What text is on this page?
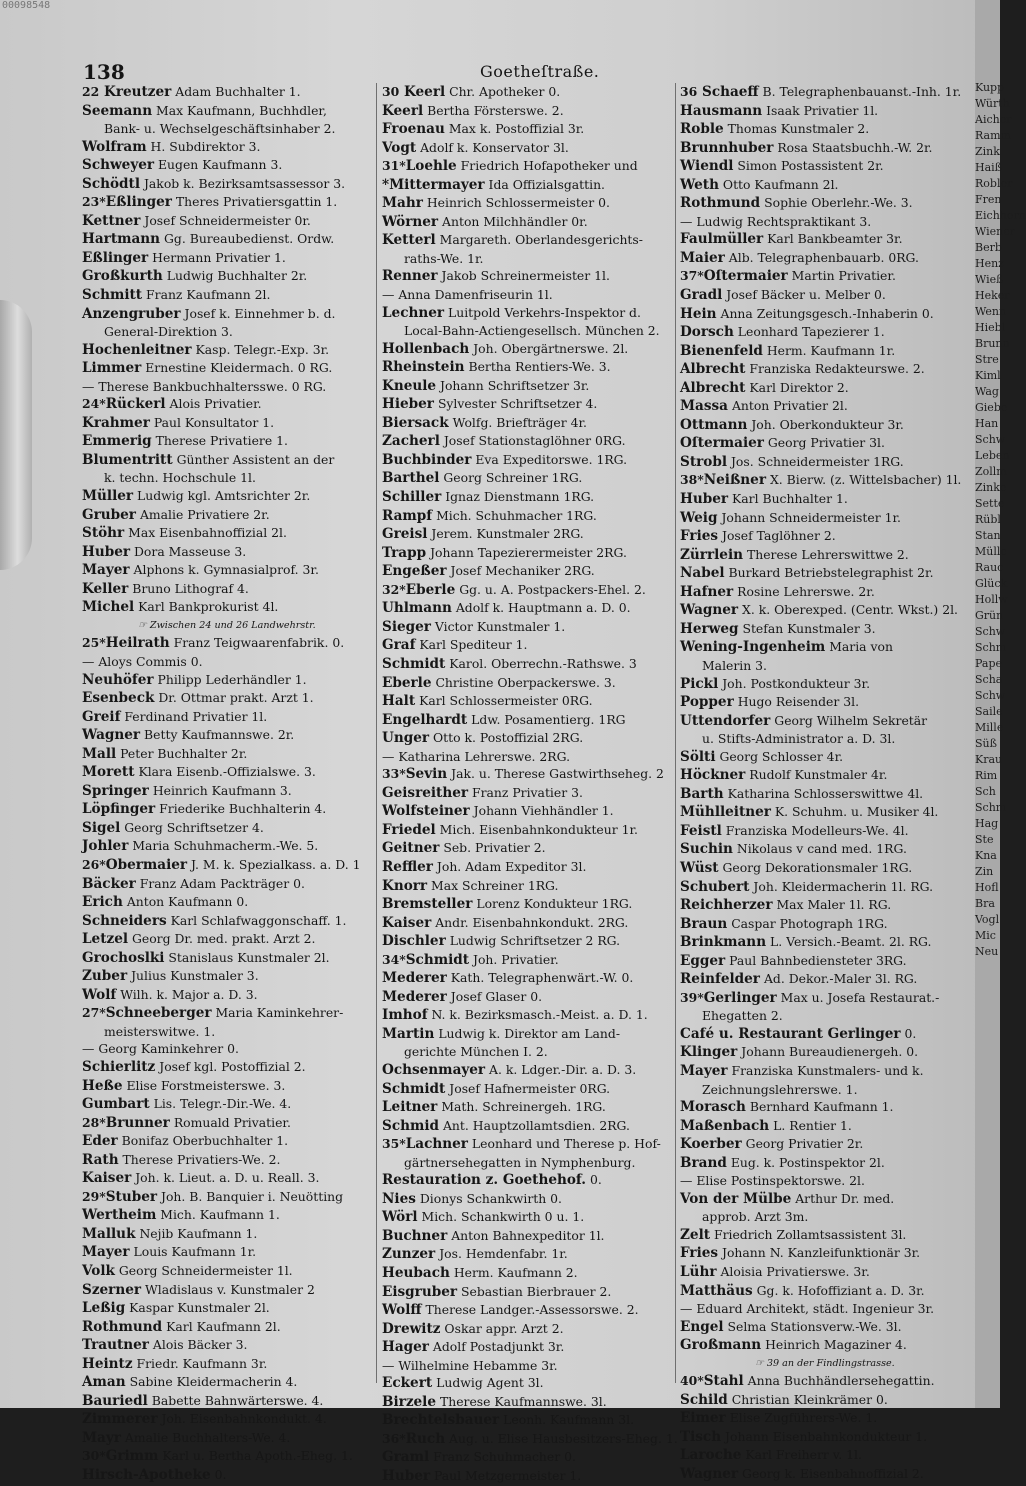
00098548
138	Goetheſtraße.
22Kreutzer Adam Buchhalter 1.
Seemann Max Kaufmann, Buchhdler,
Bank- u. Wechselgeschäftsinhaber 2.
Wolfram H. Subdirektor 3.
Schweyer Eugen Kaufmann 3.
Schödtl Jakob k. Bezirksamtsassessor 3.
23*Eßlinger Theres Privatiersgattin 1.
Kettner Josef Schneidermeister 0r.
Hartmann Gg. Bureaubedienst. Ordw.
Eßlinger Hermann Privatier 1.
Großkurth Ludwig Buchhalter 2r.
Schmitt Franz Kaufmann 2l.
Anzengruber Josef k. Einnehmer b. d.
General-Direktion 3.
Hochenleitner Kasp. Telegr.-Exp. 3r.
Limmer Ernestine Kleidermach. 0 RG.
— Therese Bankbuchhaltersswe. 0 RG.
24*Rückerl Alois Privatier.
Krahmer Paul Konsultator 1.
Emmerig Therese Privatiere 1.
Blumentritt Günther Assistent an der
k. techn. Hochschule 1l.
Müller Ludwig kgl. Amtsrichter 2r.
Gruber Amalie Privatiere 2r.
Stöhr Max Eisenbahnoffizial 2l.
Huber Dora Masseuse 3.
Mayer Alphons k. Gymnasialprof. 3r.
Keller Bruno Lithograf 4.
Michel Karl Bankprokurist 4l.
☞ Zwischen 24 und 26 Landwehrstr.
25*Heilrath Franz Teigwaarenfabrik. 0.
— Aloys Commis 0.
Neuhöfer Philipp Lederhändler 1.
Esenbeck Dr. Ottmar prakt. Arzt 1.
Greif Ferdinand Privatier 1l.
Wagner Betty Kaufmannswe. 2r.
Mall Peter Buchhalter 2r.
Morett Klara Eisenb.-Offizialswe. 3.
Springer Heinrich Kaufmann 3.
Löpfinger Friederike Buchhalterin 4.
Sigel Georg Schriftsetzer 4.
Johler Maria Schuhmacherm.-We. 5.
26*Obermaier J. M. k. Spezialkass. a. D. 1
Bäcker Franz Adam Packträger 0.
Erich Anton Kaufmann 0.
Schneiders Karl Schlafwaggonschaff. 1.
Letzel Georg Dr. med. prakt. Arzt 2.
Grochoslki Stanislaus Kunstmaler 2l.
Zuber Julius Kunstmaler 3.
Wolf Wilh. k. Major a. D. 3.
27*Schneeberger Maria Kaminkehrer-
meisterswitwe. 1.
— Georg Kaminkehrer 0.
Schierlitz Josef kgl. Postoffizial 2.
Heße Elise Forstmeisterswe. 3.
Gumbart Lis. Telegr.-Dir.-We. 4.
28*Brunner Romuald Privatier.
Eder Bonifaz Oberbuchhalter 1.
Rath Therese Privatiers-We. 2.
Kaiser Joh. k. Lieut. a. D. u. Reall. 3.
29*Stuber Joh. B. Banquier i. Neuötting
Wertheim Mich. Kaufmann 1.
Malluk Nejib Kaufmann 1.
Mayer Louis Kaufmann 1r.
Volk Georg Schneidermeister 1l.
Szerner Wladislaus v. Kunstmaler 2
Leßig Kaspar Kunstmaler 2l.
Rothmund Karl Kaufmann 2l.
Trautner Alois Bäcker 3.
Heintz Friedr. Kaufmann 3r.
Aman Sabine Kleidermacherin 4.
Bauriedl Babette Bahnwärterswe. 4.
Zimmerer Joh. Eisenbahnkondukt. 4.
Mayr Amalie Buchhalters-We. 4.
30*Grimm Karl u. Bertha Apoth.-Eheg. 1.
Hirsch-Apotheke 0.
30Keerl Chr. Apotheker 0.
Keerl Bertha Försterswe. 2.
Froenau Max k. Postoffizial 3r.
Vogt Adolf k. Konservator 3l.
31*Loehle Friedrich Hofapotheker und
*Mittermayer Ida Offizialsgattin.
Mahr Heinrich Schlossermeister 0.
Wörner Anton Milchhändler 0r.
Ketterl Margareth. Oberlandesgerichts-
raths-We. 1r.
Renner Jakob Schreinermeister 1l.
— Anna Damenfriseurin 1l.
Lechner Luitpold Verkehrs-Inspektor d.
Local-Bahn-Actiengesellsch. München 2.
Hollenbach Joh. Obergärtnerswe. 2l.
Rheinstein Bertha Rentiers-We. 3.
Kneule Johann Schriftsetzer 3r.
Hieber Sylvester Schriftsetzer 4.
Biersack Wolfg. Briefträger 4r.
Zacherl Josef Stationstaglöhner 0RG.
Buchbinder Eva Expeditorswe. 1RG.
Barthel Georg Schreiner 1RG.
Schiller Ignaz Dienstmann 1RG.
Rampf Mich. Schuhmacher 1RG.
Greisl Jerem. Kunstmaler 2RG.
Trapp Johann Tapezierermeister 2RG.
Engeßer Josef Mechaniker 2RG.
32*Eberle Gg. u. A. Postpackers-Ehel. 2.
Uhlmann Adolf k. Hauptmann a. D. 0.
Sieger Victor Kunstmaler 1.
Graf Karl Spediteur 1.
Schmidt Karol. Oberrechn.-Rathswe. 3
Eberle Christine Oberpackerswe. 3.
Halt Karl Schlossermeister 0RG.
Engelhardt Ldw. Posamentierg. 1RG
Unger Otto k. Postoffizial 2RG.
— Katharina Lehrerswe. 2RG.
33*Sevin Jak. u. Therese Gastwirthseheg. 2
Geisreither Franz Privatier 3.
Wolfsteiner Johann Viehhändler 1.
Friedel Mich. Eisenbahnkondukteur 1r.
Geitner Seb. Privatier 2.
Reffler Joh. Adam Expeditor 3l.
Knorr Max Schreiner 1RG.
Bremsteller Lorenz Kondukteur 1RG.
Kaiser Andr. Eisenbahnkondukt. 2RG.
Dischler Ludwig Schriftsetzer 2 RG.
34*Schmidt Joh. Privatier.
Mederer Kath. Telegraphenwärt.-W. 0.
Mederer Josef Glaser 0.
Imhof N. k. Bezirksmasch.-Meist. a. D. 1.
Martin Ludwig k. Direktor am Land-
gerichte München I. 2.
Ochsenmayer A. k. Ldger.-Dir. a. D. 3.
Schmidt Josef Hafnermeister 0RG.
Leitner Math. Schreinergeh. 1RG.
Schmid Ant. Hauptzollamtsdien. 2RG.
35*Lachner Leonhard und Therese p. Hof-
gärtnersehegatten in Nymphenburg.
Restauration z. Goethehof. 0.
Nies Dionys Schankwirth 0.
Wörl Mich. Schankwirth 0 u. 1.
Buchner Anton Bahnexpeditor 1l.
Zunzer Jos. Hemdenfabr. 1r.
Heubach Herm. Kaufmann 2.
Eisgruber Sebastian Bierbrauer 2.
Wolff Therese Landger.-Assessorswe. 2.
Drewitz Oskar appr. Arzt 2.
Hager Adolf Postadjunkt 3r.
— Wilhelmine Hebamme 3r.
Eckert Ludwig Agent 3l.
Birzele Therese Kaufmannswe. 3l.
Brechtelsbauer Leonh. Kaufmann 3l.
36*Ruch Aug. u. Elise Hausbesitzers-Eheg. 1.
Graml Franz Schuhmacher 0.
Huber Paul Metzgermeister 1.
36Schaeff B. Telegraphenbauanst.-Inh. 1r.
Hausmann Isaak Privatier 1l.
Roble Thomas Kunstmaler 2.
Brunnhuber Rosa Staatsbuchh.-W. 2r.
Wiendl Simon Postassistent 2r.
Weth Otto Kaufmann 2l.
Rothmund Sophie Oberlehr.-We. 3.
— Ludwig Rechtspraktikant 3.
Faulmüller Karl Bankbeamter 3r.
Maier Alb. Telegraphenbauarb. 0RG.
37*Oſtermaier Martin Privatier.
Gradl Josef Bäcker u. Melber 0.
Hein Anna Zeitungsgesch.-Inhaberin 0.
Dorsch Leonhard Tapezierer 1.
Bienenfeld Herm. Kaufmann 1r.
Albrecht Franziska Redakteurswe. 2.
Albrecht Karl Direktor 2.
Massa Anton Privatier 2l.
Ottmann Joh. Oberkondukteur 3r.
Oſtermaier Georg Privatier 3l.
Strobl Jos. Schneidermeister 1RG.
38*Neißner X. Bierw. (z. Wittelsbacher) 1l.
Huber Karl Buchhalter 1.
Weig Johann Schneidermeister 1r.
Fries Josef Taglöhner 2.
Zürrlein Therese Lehrerswittwe 2.
Nabel Burkard Betriebstelegraphist 2r.
Hafner Rosine Lehrerswe. 2r.
Wagner X. k. Oberexped. (Centr. Wkst.) 2l.
Herweg Stefan Kunstmaler 3.
Wening-Ingenheim Maria von
Malerin 3.
Pickl Joh. Postkondukteur 3r.
Popper Hugo Reisender 3l.
Uttendorfer Georg Wilhelm Sekretär
u. Stifts-Administrator a. D. 3l.
Sölti Georg Schlosser 4r.
Höckner Rudolf Kunstmaler 4r.
Barth Katharina Schlosserswittwe 4l.
Mühlleitner K. Schuhm. u. Musiker 4l.
Feistl Franziska Modelleurs-We. 4l.
Suchin Nikolaus v cand med. 1RG.
Wüst Georg Dekorationsmaler 1RG.
Schubert Joh. Kleidermacherin 1l. RG.
Reichherzer Max Maler 1l. RG.
Braun Caspar Photograph 1RG.
Brinkmann L. Versich.-Beamt. 2l. RG.
Egger Paul Bahnbediensteter 3RG.
Reinfelder Ad. Dekor.-Maler 3l. RG.
39*Gerlinger Max u. Josefa Restaurat.-
Ehegatten 2.
Café u. Restaurant Gerlinger 0.
Klinger Johann Bureaudienergeh. 0.
Mayer Franziska Kunstmalers- und k.
Zeichnungslehrerswe. 1.
Morasch Bernhard Kaufmann 1.
Maßenbach L. Rentier 1.
Koerber Georg Privatier 2r.
Brand Eug. k. Postinspektor 2l.
— Elise Postinspektorswe. 2l.
Von der Mülbe Arthur Dr. med.
approb. Arzt 3m.
Zelt Friedrich Zollamtsassistent 3l.
Fries Johann N. Kanzleifunktionär 3r.
Lühr Aloisia Privatierswe. 3r.
Matthäus Gg. k. Hofoffiziant a. D. 3r.
— Eduard Architekt, städt. Ingenieur 3r.
Engel Selma Stationsverw.-We. 3l.
Großmann Heinrich Magaziner 4.
☞ 39 an der Findlingstrasse.
40*Stahl Anna Buchhändlersehegattin.
Schild Christian Kleinkrämer 0.
Eimer Elise Zugführers-We. 1.
Tisch Johann Eisenbahnkondukteur 1.
Laroche Karl Freiherr v. 1l.
Wagner Georg k. Eisenbahnoffizial 2.
Kupp
Würth
Aicher
Ramm
Zink
Haiß
Robler
Fren
Eichhorn
Wiener
Berb
Henz
Wieß
Heker
Wenn
Hiebl
Brunn
Stre
Kiml
Wag
Giebe
Han
Schw
Leben
Zollm
Zinke
Sette
Rübl
Stan
Mülle
Rauc
Glück
Hollw
Grün
Schw
Schm
Pape
Scha
Schw
Saile
Mille
Süß
Krau
Rim
Sch
Schm
Hag
Ste
Kna
Zin
Hofl
Bra
Vogl
Mic
Neu
